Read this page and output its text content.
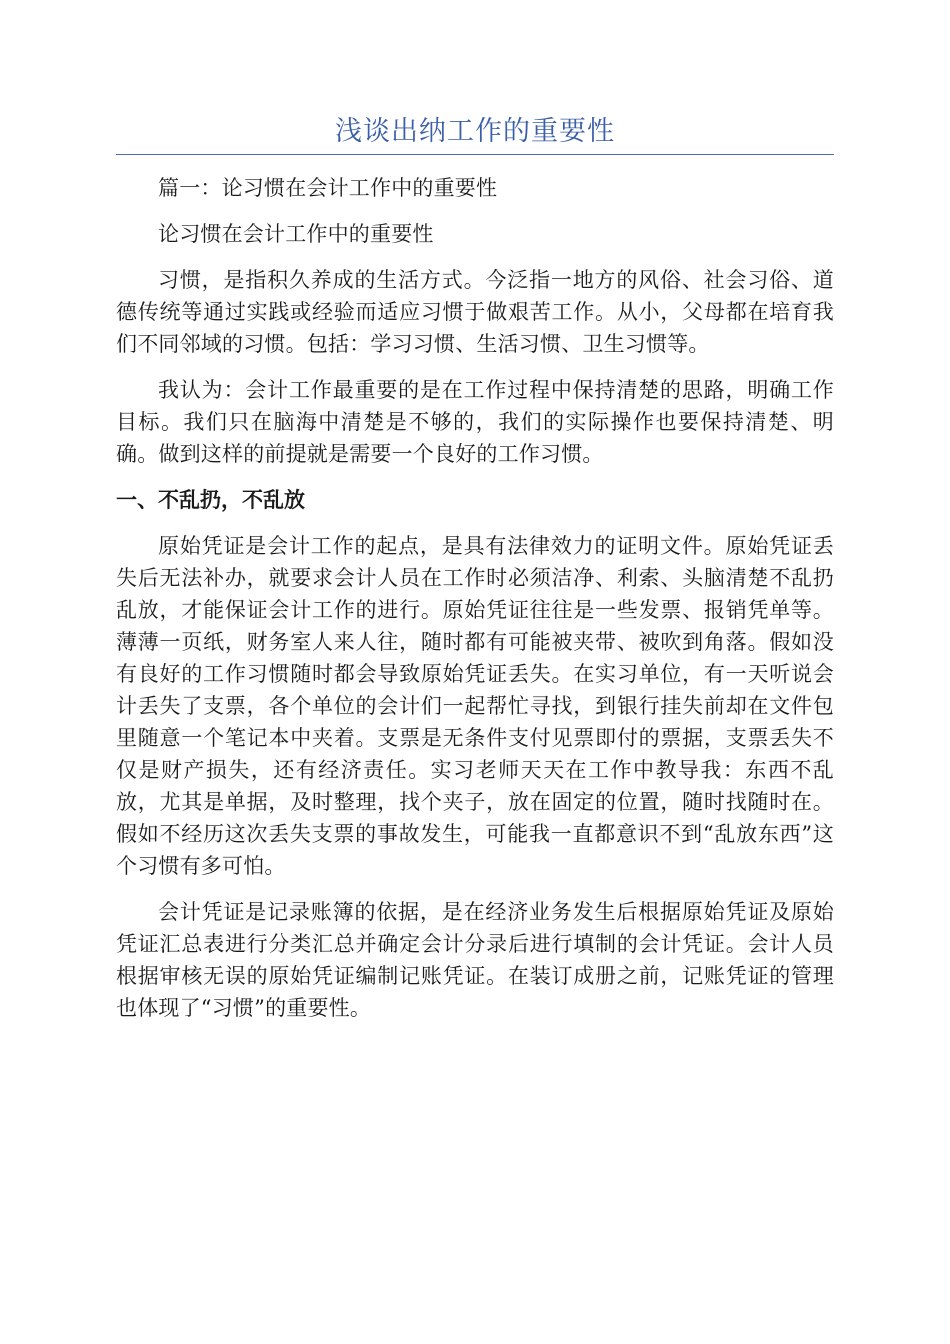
浅谈出纳工作的重要性

篇一：论习惯在会计工作中的重要性

论习惯在会计工作中的重要性

习惯，是指积久养成的生活方式。今泛指一地方的风俗、社会习俗、道德传统等通过实践或经验而适应习惯于做艰苦工作。从小，父母都在培育我们不同邻域的习惯。包括：学习习惯、生活习惯、卫生习惯等。

我认为：会计工作最重要的是在工作过程中保持清楚的思路，明确工作目标。我们只在脑海中清楚是不够的，我们的实际操作也要保持清楚、明确。做到这样的前提就是需要一个良好的工作习惯。

一、不乱扔，不乱放

原始凭证是会计工作的起点，是具有法律效力的证明文件。原始凭证丢失后无法补办，就要求会计人员在工作时必须洁净、利索、头脑清楚不乱扔乱放，才能保证会计工作的进行。原始凭证往往是一些发票、报销凭单等。薄薄一页纸，财务室人来人往，随时都有可能被夹带、被吹到角落。假如没有良好的工作习惯随时都会导致原始凭证丢失。在实习单位，有一天听说会计丢失了支票，各个单位的会计们一起帮忙寻找，到银行挂失前却在文件包里随意一个笔记本中夹着。支票是无条件支付见票即付的票据，支票丢失不仅是财产损失，还有经济责任。实习老师天天在工作中教导我：东西不乱放，尤其是单据，及时整理，找个夹子，放在固定的位置，随时找随时在。假如不经历这次丢失支票的事故发生，可能我一直都意识不到“乱放东西”这个习惯有多可怕。

会计凭证是记录账簿的依据，是在经济业务发生后根据原始凭证及原始凭证汇总表进行分类汇总并确定会计分录后进行填制的会计凭证。会计人员根据审核无误的原始凭证编制记账凭证。在装订成册之前，记账凭证的管理也体现了“习惯”的重要性。
